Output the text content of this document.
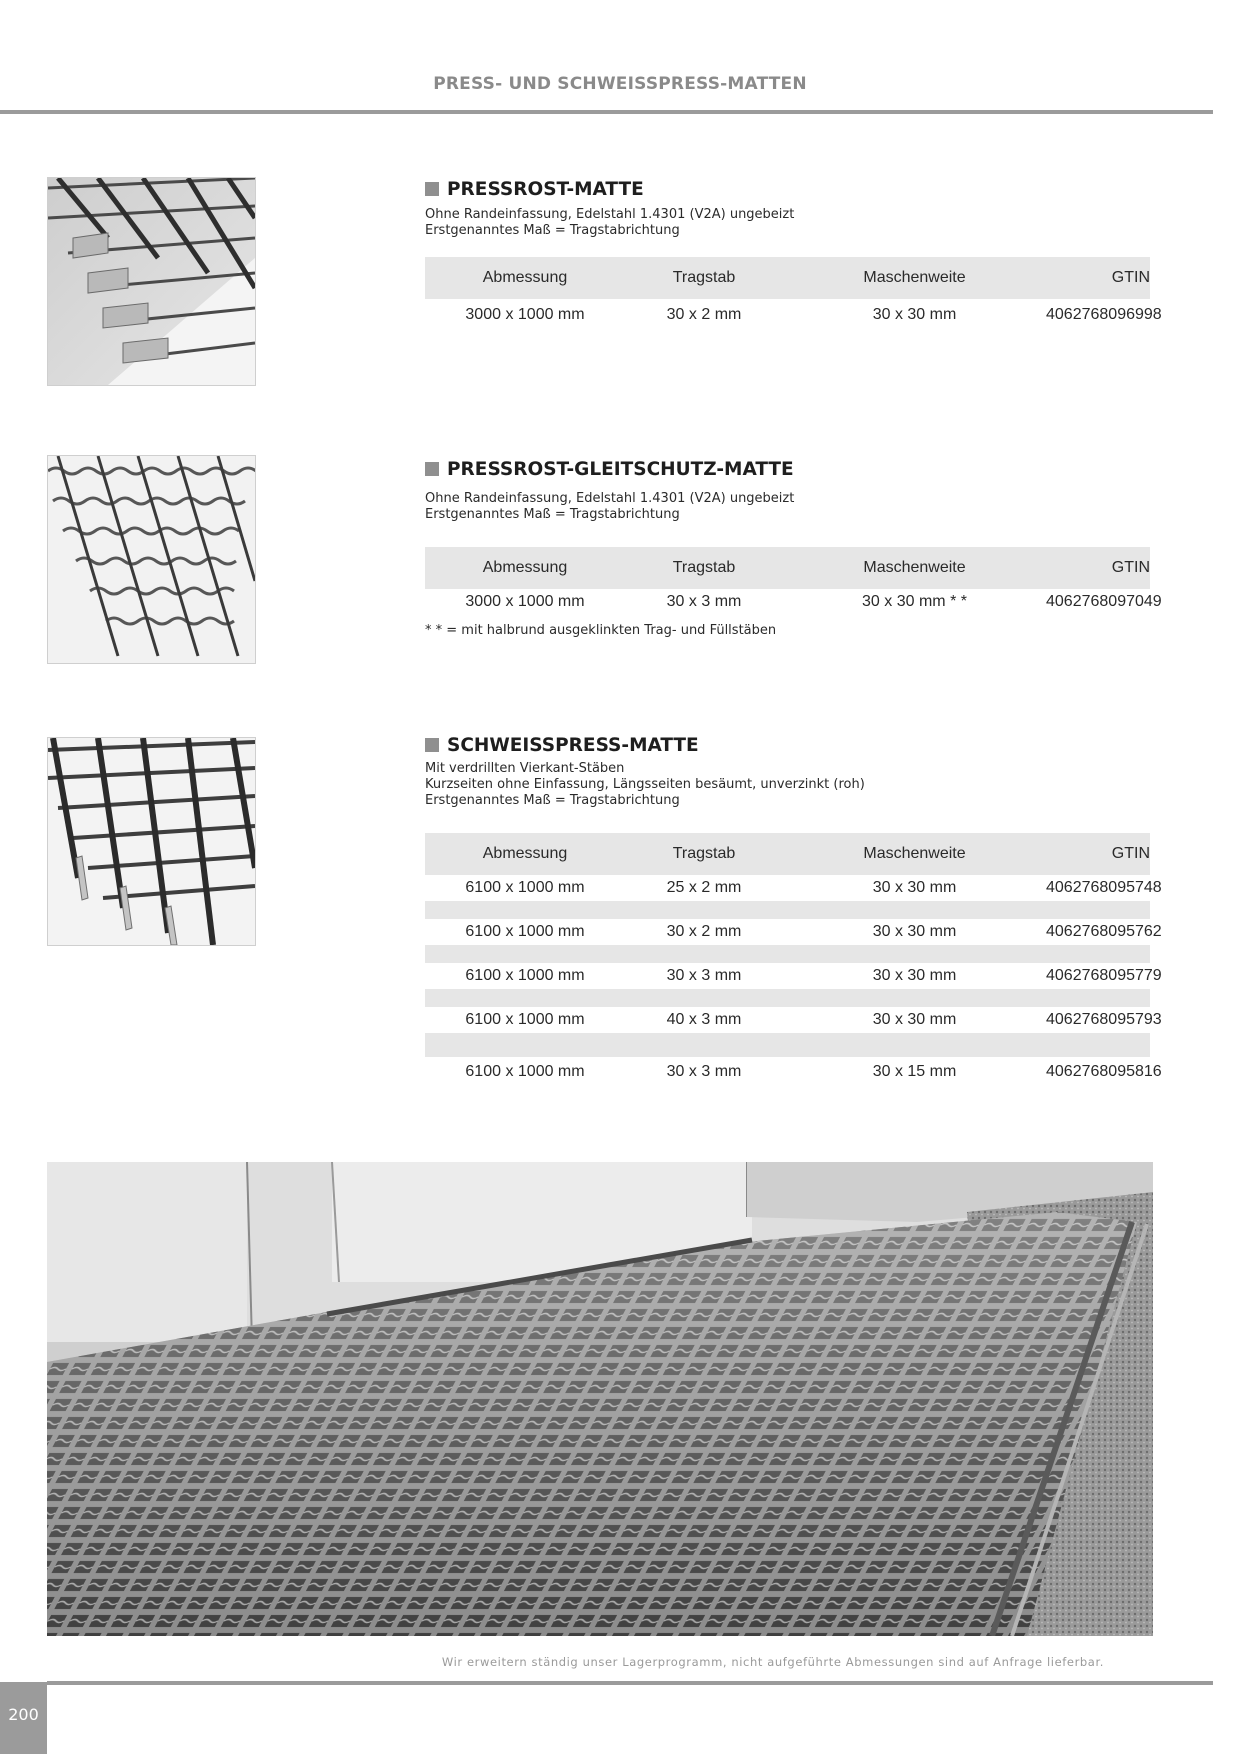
PRESS- UND SCHWEISSPRESS-MATTEN
PRESSROST-MATTE
Ohne Randeinfassung, Edelstahl 1.4301 (V2A) ungebeizt
Erstgenanntes Maß = Tragstabrichtung
Abmessung	Tragstab	Maschenweite	GTIN
3000 x 1000 mm	30 x 2 mm	30 x 30 mm	4062768096998
PRESSROST-GLEITSCHUTZ-MATTE
Ohne Randeinfassung, Edelstahl 1.4301 (V2A) ungebeizt
Erstgenanntes Maß = Tragstabrichtung
Abmessung	Tragstab	Maschenweite	GTIN
3000 x 1000 mm	30 x 3 mm	30 x 30 mm * *	4062768097049
* * = mit halbrund ausgeklinkten Trag- und Füllstäben
SCHWEISSPRESS-MATTE
Mit verdrillten Vierkant-Stäben
Kurzseiten ohne Einfassung, Längsseiten besäumt, unverzinkt (roh)
Erstgenanntes Maß = Tragstabrichtung
Abmessung	Tragstab	Maschenweite	GTIN
6100 x 1000 mm	25 x 2 mm	30 x 30 mm	4062768095748
6100 x 1000 mm	30 x 2 mm	30 x 30 mm	4062768095762
6100 x 1000 mm	30 x 3 mm	30 x 30 mm	4062768095779
6100 x 1000 mm	40 x 3 mm	30 x 30 mm	4062768095793
6100 x 1000 mm	30 x 3 mm	30 x 15 mm	4062768095816
Wir erweitern ständig unser Lagerprogramm, nicht aufgeführte Abmessungen sind auf Anfrage lieferbar.
200
